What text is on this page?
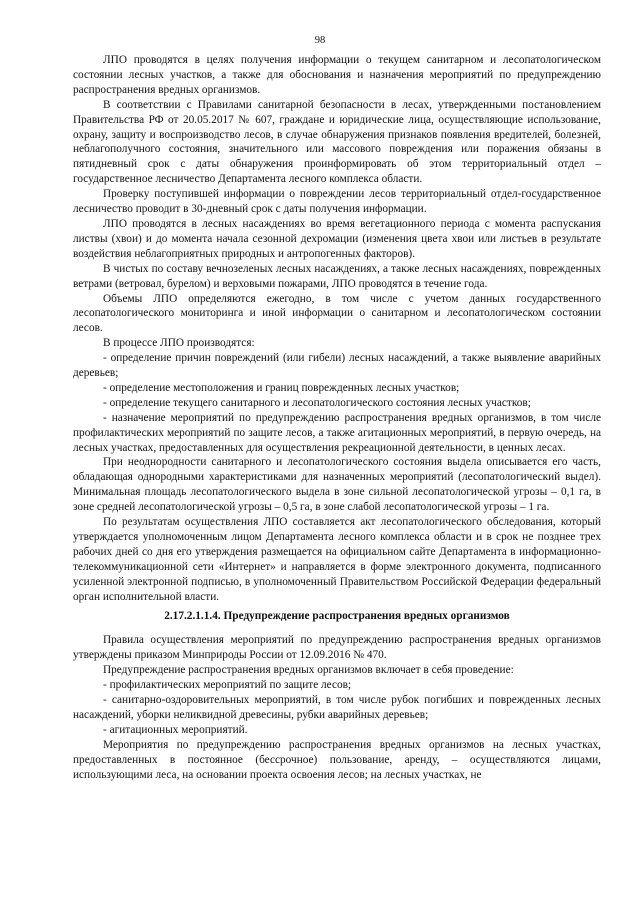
98

ЛПО проводятся в целях получения информации о текущем санитарном и лесопатологическом состоянии лесных участков, а также для обоснования и назначения мероприятий по предупреждению распространения вредных организмов.

В соответствии с Правилами санитарной безопасности в лесах, утвержденными постановлением Правительства РФ от 20.05.2017 № 607, граждане и юридические лица, осуществляющие использование, охрану, защиту и воспроизводство лесов, в случае обнаружения признаков появления вредителей, болезней, неблагополучного состояния, значительного или массового повреждения или поражения обязаны в пятидневный срок с даты обнаружения проинформировать об этом территориальный отдел – государственное лесничество Департамента лесного комплекса области.

Проверку поступившей информации о повреждении лесов территориальный отдел-государственное лесничество проводит в 30-дневный срок с даты получения информации.

ЛПО проводятся в лесных насаждениях во время вегетационного периода с момента распускания листвы (хвои) и до момента начала сезонной дехромации (изменения цвета хвои или листьев в результате воздействия неблагоприятных природных и антропогенных факторов).

В чистых по составу вечнозеленых лесных насаждениях, а также лесных насаждениях, поврежденных ветрами (ветровал, бурелом) и верховыми пожарами, ЛПО проводятся в течение года.

Объемы ЛПО определяются ежегодно, в том числе с учетом данных государственного лесопатологического мониторинга и иной информации о санитарном и лесопатологическом состоянии лесов.

В процессе ЛПО производятся:

- определение причин повреждений (или гибели) лесных насаждений, а также выявление аварийных деревьев;

- определение местоположения и границ поврежденных лесных участков;

- определение текущего санитарного и лесопатологического состояния лесных участков;

- назначение мероприятий по предупреждению распространения вредных организмов, в том числе профилактических мероприятий по защите лесов, а также агитационных мероприятий, в первую очередь, на лесных участках, предоставленных для осуществления рекреационной деятельности, в ценных лесах.

При неоднородности санитарного и лесопатологического состояния выдела описывается его часть, обладающая однородными характеристиками для назначенных мероприятий (лесопатологический выдел). Минимальная площадь лесопатологического выдела в зоне сильной лесопатологической угрозы – 0,1 га, в зоне средней лесопатологической угрозы – 0,5 га, в зоне слабой лесопатологической угрозы – 1 га.

По результатам осуществления ЛПО составляется акт лесопатологического обследования, который утверждается уполномоченным лицом Департамента лесного комплекса области и в срок не позднее трех рабочих дней со дня его утверждения размещается на официальном сайте Департамента в информационно-телекоммуникационной сети «Интернет» и направляется в форме электронного документа, подписанного усиленной электронной подписью, в уполномоченный Правительством Российской Федерации федеральный орган исполнительной власти.

2.17.2.1.1.4. Предупреждение распространения вредных организмов

Правила осуществления мероприятий по предупреждению распространения вредных организмов утверждены приказом Минприроды России от 12.09.2016 № 470.

Предупреждение распространения вредных организмов включает в себя проведение:

- профилактических мероприятий по защите лесов;

- санитарно-оздоровительных мероприятий, в том числе рубок погибших и поврежденных лесных насаждений, уборки неликвидной древесины, рубки аварийных деревьев;

- агитационных мероприятий.

Мероприятия по предупреждению распространения вредных организмов на лесных участках, предоставленных в постоянное (бессрочное) пользование, аренду, – осуществляются лицами, использующими леса, на основании проекта освоения лесов; на лесных участках, не
